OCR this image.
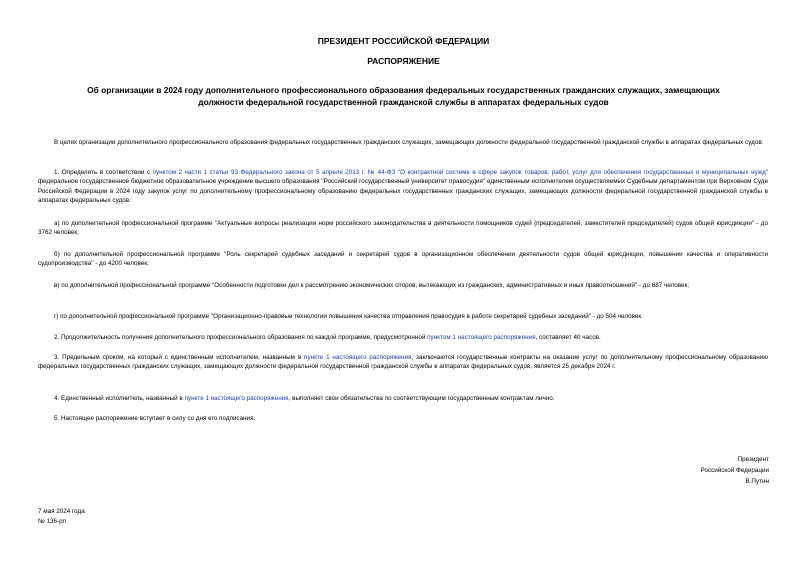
ПРЕЗИДЕНТ РОССИЙСКОЙ ФЕДЕРАЦИИ
РАСПОРЯЖЕНИЕ
Об организации в 2024 году дополнительного профессионального образования федеральных государственных гражданских служащих, замещающих должности федеральной государственной гражданской службы в аппаратах федеральных судов
В целях организации дополнительного профессионального образования федеральных государственных гражданских служащих, замещающих должности федеральной государственной гражданской службы в аппаратах федеральных судов:
1. Определить в соответствии с пунктом 2 части 1 статьи 93 Федерального закона от 5 апреля 2013 г. № 44-ФЗ "О контрактной системе в сфере закупок товаров, работ, услуг для обеспечения государственных и муниципальных нужд" федеральное государственное бюджетное образовательное учреждение высшего образования "Российский государственный университет правосудия" единственным исполнителем осуществляемых Судебным департаментом при Верховном Суде Российской Федерации в 2024 году закупок услуг по дополнительному профессиональному образованию федеральных государственных гражданских служащих, замещающих должности федеральной государственной гражданской службы в аппаратах федеральных судов:
а) по дополнительной профессиональной программе "Актуальные вопросы реализации норм российского законодательства в деятельности помощников судей (председателей, заместителей председателей) судов общей юрисдикции" - до 3762 человек;
б) по дополнительной профессиональной программе "Роль секретарей судебных заседаний и секретарей судов в организационном обеспечении деятельности судов общей юрисдикции, повышении качества и оперативности судопроизводства" - до 4200 человек;
в) по дополнительной профессиональной программе "Особенности подготовки дел к рассмотрению экономических споров, вытекающих из гражданских, административных и иных правоотношений" - до 687 человек;
г) по дополнительной профессиональной программе "Организационно-правовые технологии повышения качества отправления правосудия в работе секретарей судебных заседаний" - до 504 человек.
2. Продолжительность получения дополнительного профессионального образования по каждой программе, предусмотренной пунктом 1 настоящего распоряжения, составляет 40 часов.
3. Предельным сроком, на который с единственным исполнителем, названным в пункте 1 настоящего распоряжения, заключаются государственные контракты на оказание услуг по дополнительному профессиональному образованию федеральных государственных гражданских служащих, замещающих должности федеральной государственной гражданской службы в аппаратах федеральных судов, является 25 декабря 2024 г.
4. Единственный исполнитель, названный в пункте 1 настоящего распоряжения, выполняет свои обязательства по соответствующим государственным контрактам лично.
5. Настоящее распоряжение вступает в силу со дня его подписания.
Президент
Российской Федерации
В.Путин
7 мая 2024 года
№ 136-рп
